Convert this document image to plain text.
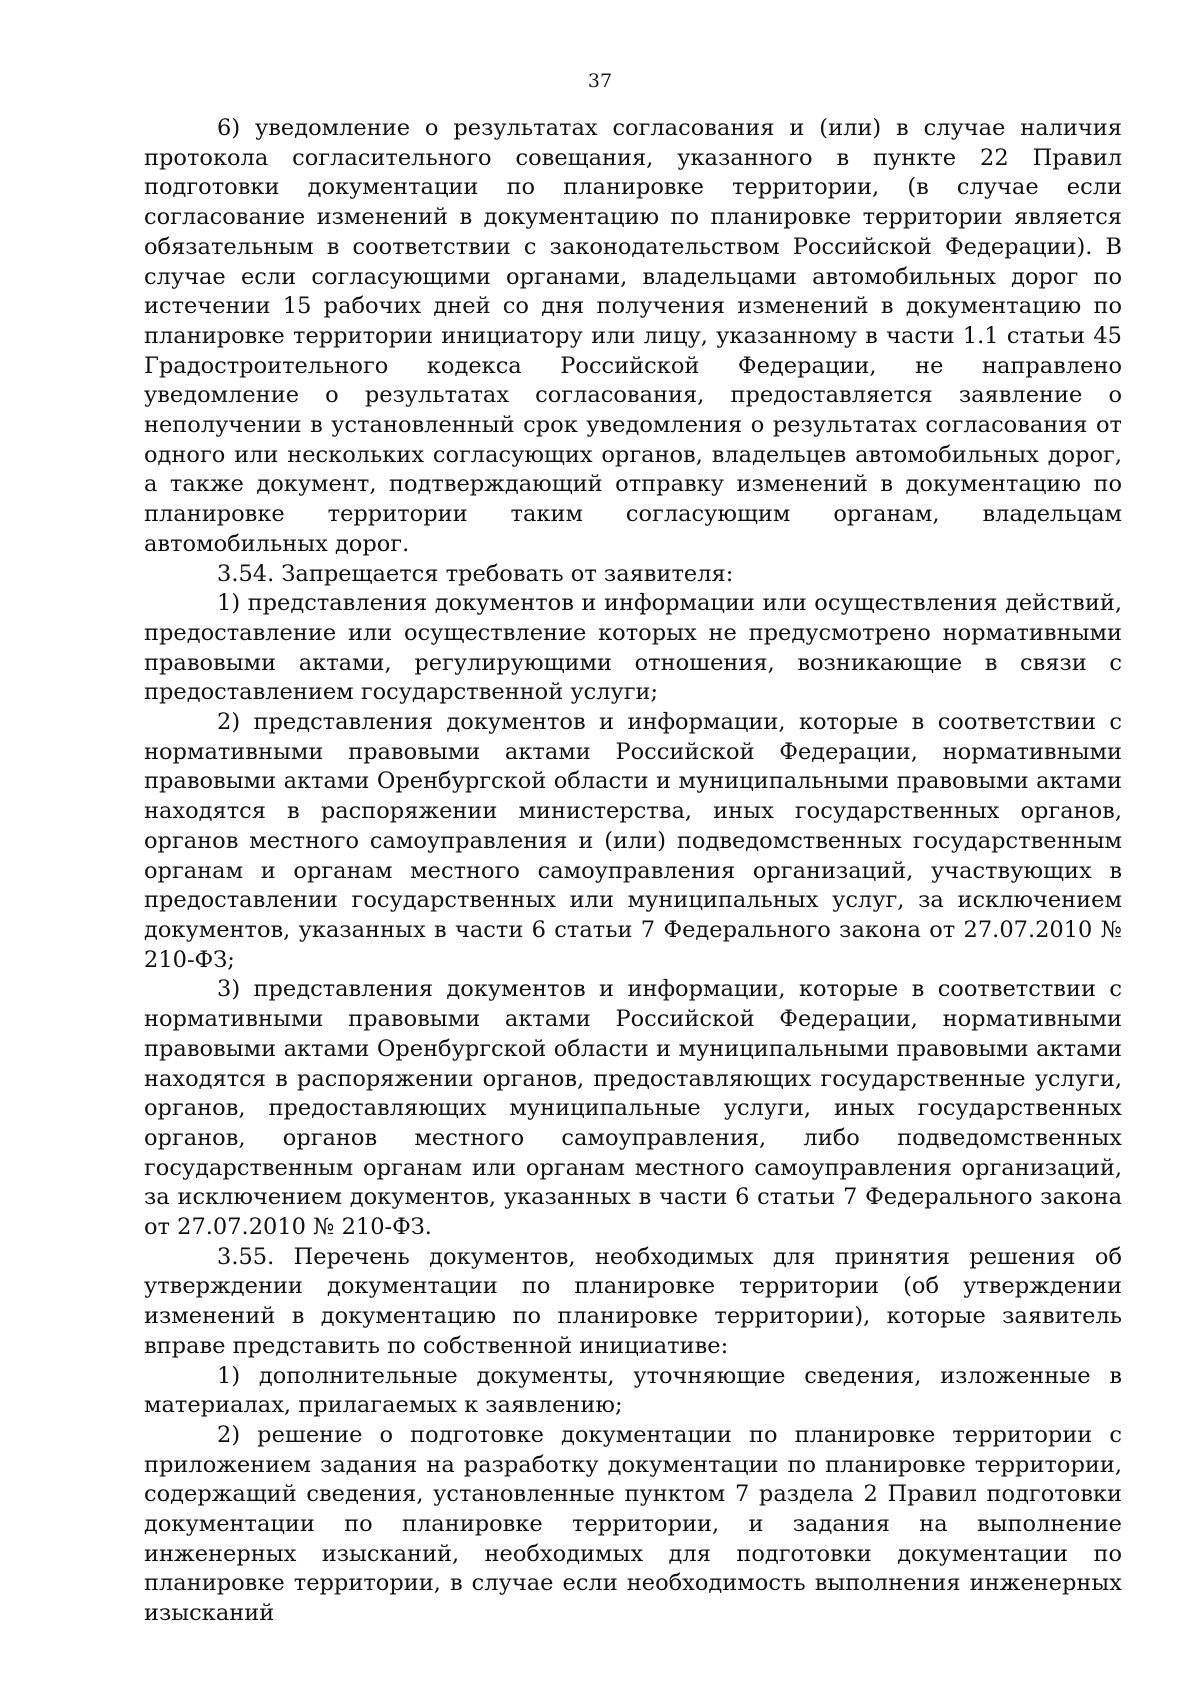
37

6) уведомление о результатах согласования и (или) в случае наличия протокола согласительного совещания, указанного в пункте 22 Правил подготовки документации по планировке территории, (в случае если согласование изменений в документацию по планировке территории является обязательным в соответствии с законодательством Российской Федерации). В случае если согласующими органами, владельцами автомобильных дорог по истечении 15 рабочих дней со дня получения изменений в документацию по планировке территории инициатору или лицу, указанному в части 1.1 статьи 45 Градостроительного кодекса Российской Федерации, не направлено уведомление о результатах согласования, предоставляется заявление о неполучении в установленный срок уведомления о результатах согласования от одного или нескольких согласующих органов, владельцев автомобильных дорог, а также документ, подтверждающий отправку изменений в документацию по планировке территории таким согласующим органам, владельцам автомобильных дорог.

3.54. Запрещается требовать от заявителя:

1) представления документов и информации или осуществления действий, предоставление или осуществление которых не предусмотрено нормативными правовыми актами, регулирующими отношения, возникающие в связи с предоставлением государственной услуги;

2) представления документов и информации, которые в соответствии с нормативными правовыми актами Российской Федерации, нормативными правовыми актами Оренбургской области и муниципальными правовыми актами находятся в распоряжении министерства, иных государственных органов, органов местного самоуправления и (или) подведомственных государственным органам и органам местного самоуправления организаций, участвующих в предоставлении государственных или муниципальных услуг, за исключением документов, указанных в части 6 статьи 7 Федерального закона от 27.07.2010 № 210-ФЗ;

3) представления документов и информации, которые в соответствии с нормативными правовыми актами Российской Федерации, нормативными правовыми актами Оренбургской области и муниципальными правовыми актами находятся в распоряжении органов, предоставляющих государственные услуги, органов, предоставляющих муниципальные услуги, иных государственных органов, органов местного самоуправления, либо подведомственных государственным органам или органам местного самоуправления организаций, за исключением документов, указанных в части 6 статьи 7 Федерального закона от 27.07.2010 № 210-ФЗ.

3.55. Перечень документов, необходимых для принятия решения об утверждении документации по планировке территории (об утверждении изменений в документацию по планировке территории), которые заявитель вправе представить по собственной инициативе:

1) дополнительные документы, уточняющие сведения, изложенные в материалах, прилагаемых к заявлению;

2) решение о подготовке документации по планировке территории с приложением задания на разработку документации по планировке территории, содержащий сведения, установленные пунктом 7 раздела 2 Правил подготовки документации по планировке территории, и задания на выполнение инженерных изысканий, необходимых для подготовки документации по планировке территории, в случае если необходимость выполнения инженерных изысканий
